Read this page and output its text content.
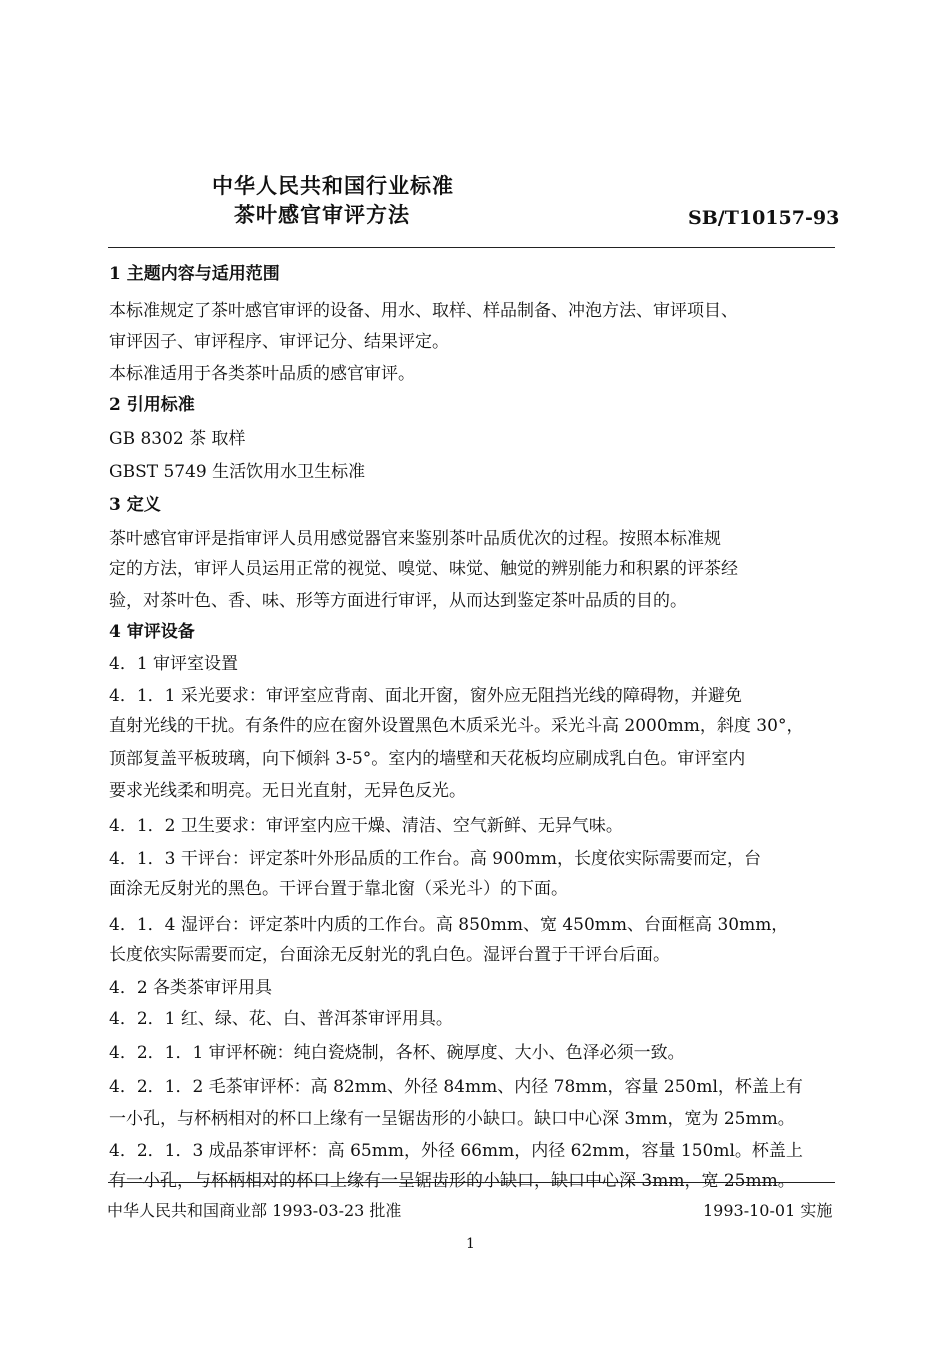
中华人民共和国行业标准
茶叶感官审评方法	SB/T10157-93
1 主题内容与适用范围
本标准规定了茶叶感官审评的设备、用水、取样、样品制备、冲泡方法、审评项目、
审评因子、审评程序、审评记分、结果评定。
本标准适用于各类茶叶品质的感官审评。
2 引用标准
GB 8302 茶 取样
GBST 5749 生活饮用水卫生标准
3 定义
茶叶感官审评是指审评人员用感觉器官来鉴别茶叶品质优次的过程。按照本标准规
定的方法，审评人员运用正常的视觉、嗅觉、味觉、触觉的辨别能力和积累的评茶经
验，对茶叶色、香、味、形等方面进行审评，从而达到鉴定茶叶品质的目的。
4 审评设备
4．1 审评室设置
4．1．1 采光要求：审评室应背南、面北开窗，窗外应无阻挡光线的障碍物，并避免
直射光线的干扰。有条件的应在窗外设置黑色木质采光斗。采光斗高 2000mm，斜度 30°，
顶部复盖平板玻璃，向下倾斜 3-5°。室内的墙壁和天花板均应刷成乳白色。审评室内
要求光线柔和明亮。无日光直射，无异色反光。
4．1．2 卫生要求：审评室内应干燥、清洁、空气新鲜、无异气味。
4．1．3 干评台：评定茶叶外形品质的工作台。高 900mm，长度依实际需要而定，台
面涂无反射光的黑色。干评台置于靠北窗（采光斗）的下面。
4．1．4 湿评台：评定茶叶内质的工作台。高 850mm、宽 450mm、台面框高 30mm，
长度依实际需要而定，台面涂无反射光的乳白色。湿评台置于干评台后面。
4．2 各类茶审评用具
4．2．1 红、绿、花、白、普洱茶审评用具。
4．2．1．1 审评杯碗：纯白瓷烧制，各杯、碗厚度、大小、色泽必须一致。
4．2．1．2 毛茶审评杯：高 82mm、外径 84mm、内径 78mm，容量 250ml，杯盖上有
一小孔，与杯柄相对的杯口上缘有一呈锯齿形的小缺口。缺口中心深 3mm，宽为 25mm。
4．2．1．3 成品茶审评杯：高 65mm，外径 66mm，内径 62mm，容量 150ml。杯盖上
有一小孔，与杯柄相对的杯口上缘有一呈锯齿形的小缺口，缺口中心深 3mm，宽 25mm。
中华人民共和国商业部 1993-03-23 批准	1993-10-01 实施
1
